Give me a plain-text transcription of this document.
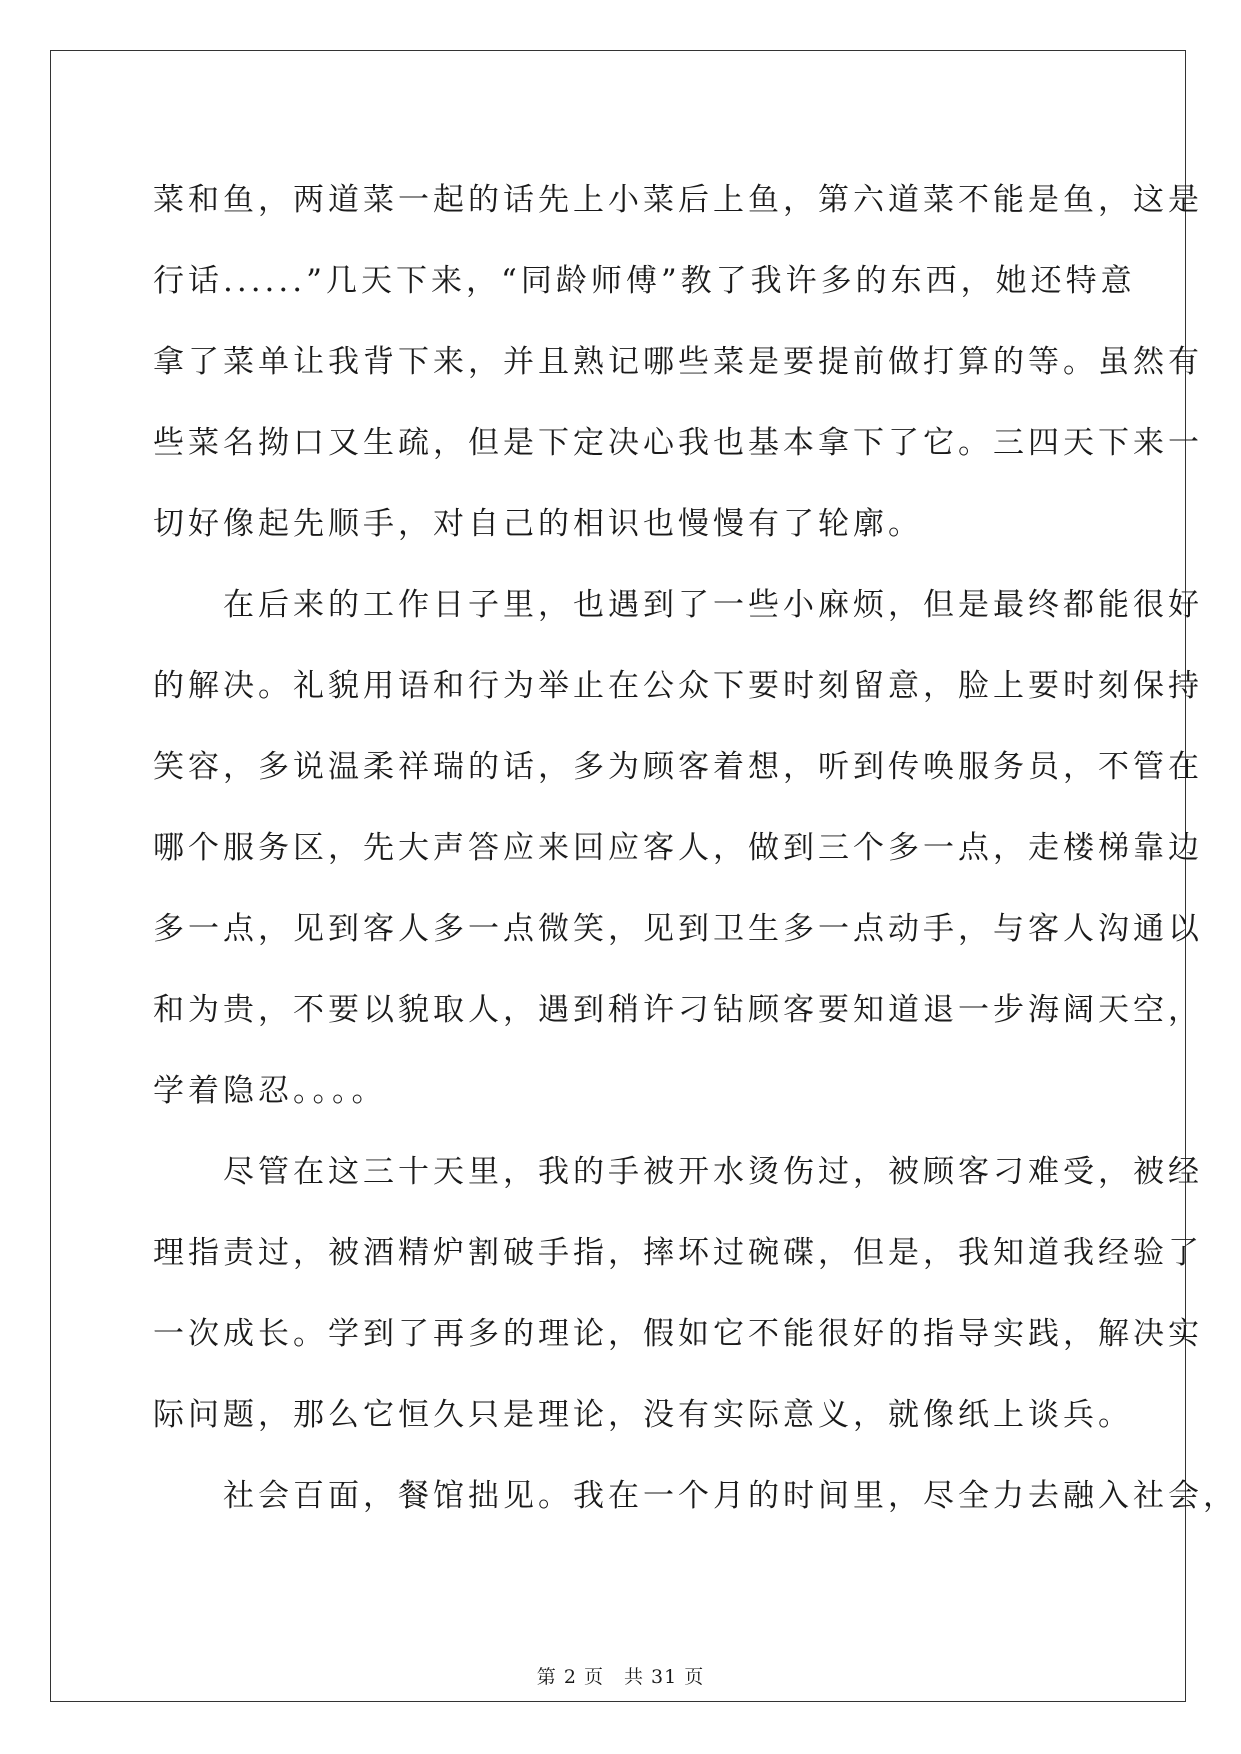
菜和鱼，两道菜一起的话先上小菜后上鱼，第六道菜不能是鱼，这是
行话......”几天下来，“同龄师傅”教了我许多的东西，她还特意
拿了菜单让我背下来，并且熟记哪些菜是要提前做打算的等。虽然有
些菜名拗口又生疏，但是下定决心我也基本拿下了它。三四天下来一
切好像起先顺手，对自己的相识也慢慢有了轮廓。
在后来的工作日子里，也遇到了一些小麻烦，但是最终都能很好
的解决。礼貌用语和行为举止在公众下要时刻留意，脸上要时刻保持
笑容，多说温柔祥瑞的话，多为顾客着想，听到传唤服务员，不管在
哪个服务区，先大声答应来回应客人，做到三个多一点，走楼梯靠边
多一点，见到客人多一点微笑，见到卫生多一点动手，与客人沟通以
和为贵，不要以貌取人，遇到稍许刁钻顾客要知道退一步海阔天空，
学着隐忍。。。。
尽管在这三十天里，我的手被开水烫伤过，被顾客刁难受，被经
理指责过，被酒精炉割破手指，摔坏过碗碟，但是，我知道我经验了
一次成长。学到了再多的理论，假如它不能很好的指导实践，解决实
际问题，那么它恒久只是理论，没有实际意义，就像纸上谈兵。
社会百面，餐馆拙见。我在一个月的时间里，尽全力去融入社会，
第 2 页　共 31 页
